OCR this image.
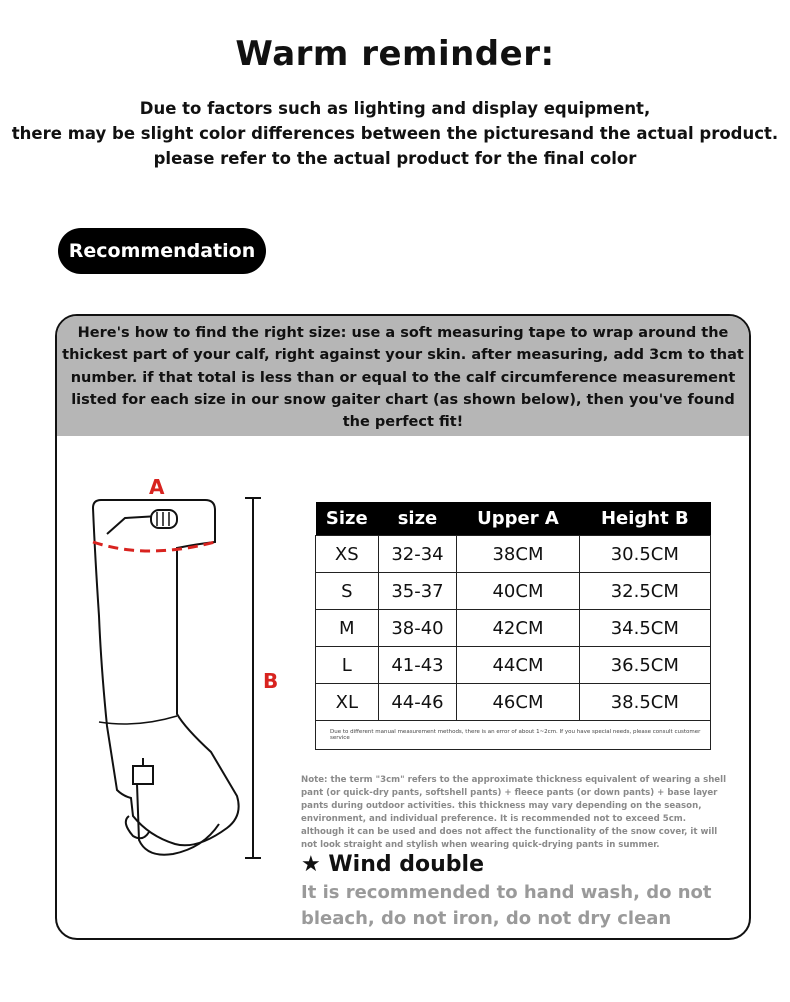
Warm reminder:
Due to factors such as lighting and display equipment,
there may be slight color differences between the picturesand the actual product.
please refer to the actual product for the final color
Recommendation
Here's how to find the right size: use a soft measuring tape to wrap around the thickest part of your calf, right against your skin. after measuring, add 3cm to that number. if that total is less than or equal to the calf circumference measurement listed for each size in our snow gaiter chart (as shown below), then you've found the perfect fit!
A
B
Size	size	Upper A	Height B
XS	32-34	38CM	30.5CM
S	35-37	40CM	32.5CM
M	38-40	42CM	34.5CM
L	41-43	44CM	36.5CM
XL	44-46	46CM	38.5CM
Due to different manual measurement methods, there is an error of about 1~2cm. If you have special needs, please consult customer service			
Note: the term "3cm" refers to the approximate thickness equivalent of wearing a shell pant (or quick-dry pants, softshell pants) + fleece pants (or down pants) + base layer pants during outdoor activities. this thickness may vary depending on the season, environment, and individual preference. It is recommended not to exceed 5cm. although it can be used and does not affect the functionality of the snow cover, it will not look straight and stylish when wearing quick-drying pants in summer.
★ Wind double
It is recommended to hand wash, do not bleach, do not iron, do not dry clean
